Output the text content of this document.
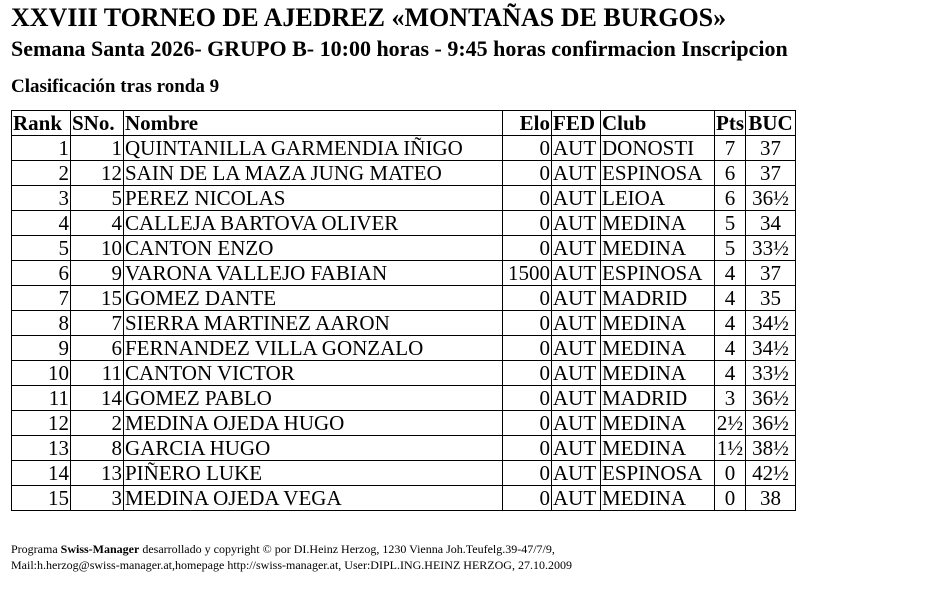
XXVIII TORNEO DE AJEDREZ «MONTAÑAS DE BURGOS»
Semana Santa 2026- GRUPO B- 10:00 horas - 9:45 horas confirmacion Inscripcion
Clasificación tras ronda 9
Rank	SNo.	Nombre	Elo	FED	Club	Pts	BUC
1	1	QUINTANILLA GARMENDIA IÑIGO	0	AUT	DONOSTI	7	37
2	12	SAIN DE LA MAZA JUNG MATEO	0	AUT	ESPINOSA	6	37
3	5	PEREZ NICOLAS	0	AUT	LEIOA	6	36½
4	4	CALLEJA BARTOVA OLIVER	0	AUT	MEDINA	5	34
5	10	CANTON ENZO	0	AUT	MEDINA	5	33½
6	9	VARONA VALLEJO FABIAN	1500	AUT	ESPINOSA	4	37
7	15	GOMEZ DANTE	0	AUT	MADRID	4	35
8	7	SIERRA MARTINEZ AARON	0	AUT	MEDINA	4	34½
9	6	FERNANDEZ VILLA GONZALO	0	AUT	MEDINA	4	34½
10	11	CANTON VICTOR	0	AUT	MEDINA	4	33½
11	14	GOMEZ PABLO	0	AUT	MADRID	3	36½
12	2	MEDINA OJEDA HUGO	0	AUT	MEDINA	2½	36½
13	8	GARCIA HUGO	0	AUT	MEDINA	1½	38½
14	13	PIÑERO LUKE	0	AUT	ESPINOSA	0	42½
15	3	MEDINA OJEDA VEGA	0	AUT	MEDINA	0	38
Programa Swiss-Manager desarrollado y copyright © por DI.Heinz Herzog, 1230 Vienna Joh.Teufelg.39-47/7/9,
Mail:h.herzog@swiss-manager.at,homepage http://swiss-manager.at, User:DIPL.ING.HEINZ HERZOG, 27.10.2009
